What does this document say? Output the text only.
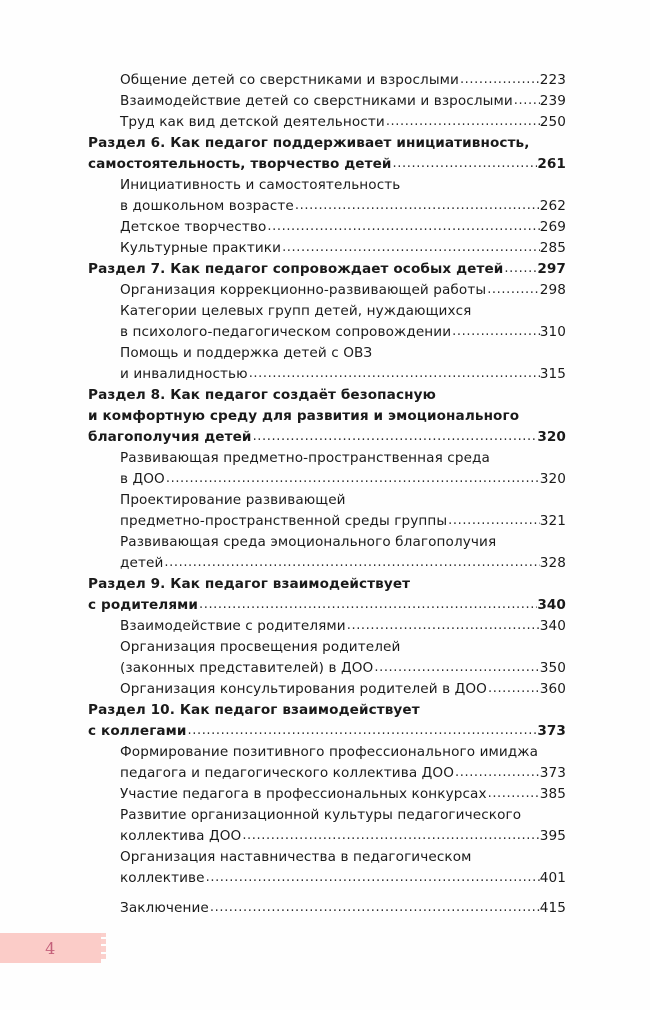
Общение детей со сверстниками и взрослыми .....	223
Взаимодействие детей со сверстниками и взрослыми ..... 239
Труд как вид детской деятельности .....	250
Раздел 6. Как педагог поддерживает инициативность,
самостоятельность, творчество детей .....	261
Инициативность и самостоятельность
в дошкольном возрасте .....	262
Детское творчество .....	269
Культурные практики .....	285
Раздел 7. Как педагог сопровождает особых детей ..... 297
Организация коррекционно-развивающей работы .....	298
Категории целевых групп детей, нуждающихся
в психолого-педагогическом сопровождении .....	310
Помощь и поддержка детей с ОВЗ
и инвалидностью .....	315
Раздел 8. Как педагог создаёт безопасную
и комфортную среду для развития и эмоционального
благополучия детей .....	320
Развивающая предметно-пространственная среда
в ДОО .....	320
Проектирование развивающей
предметно-пространственной среды группы .....	321
Развивающая среда эмоционального благополучия
детей .....	328
Раздел 9. Как педагог взаимодействует
с родителями .....	340
Взаимодействие с родителями .....	340
Организация просвещения родителей
(законных представителей) в ДОО .....	350
Организация консультирования родителей в ДОО .....	360
Раздел 10. Как педагог взаимодействует
с коллегами .....	373
Формирование позитивного профессионального имиджа
педагога и педагогического коллектива ДОО .....	373
Участие педагога в профессиональных конкурсах .....	385
Развитие организационной культуры педагогического
коллектива ДОО .....	395
Организация наставничества в педагогическом
коллективе .....	401
Заключение .....	415
4
